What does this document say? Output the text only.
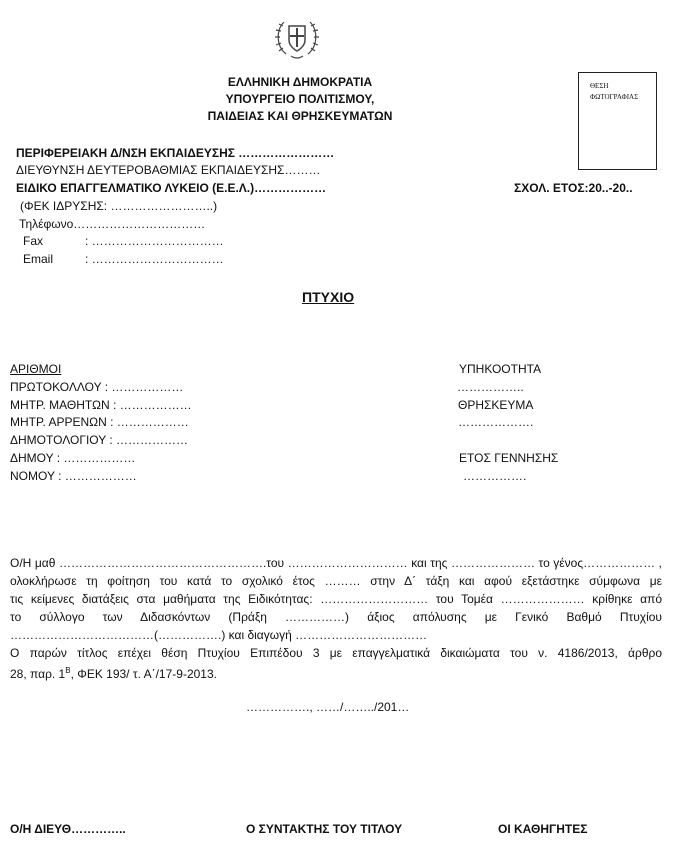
ΕΛΛΗΝΙΚΗ ΔΗΜΟΚΡΑΤΙΑ
ΥΠΟΥΡΓΕΙΟ ΠΟΛΙΤΙΣΜΟΥ,
ΠΑΙΔΕΙΑΣ ΚΑΙ ΘΡΗΣΚΕΥΜΑΤΩΝ
ΘΕΣΗ ΦΩΤΟΓΡΑΦΙΑΣ
ΠΕΡΙΦΕΡΕΙΑΚΗ Δ/ΝΣΗ ΕΚΠΑΙΔΕΥΣΗΣ ……………………
ΔΙΕΥΘΥΝΣΗ ΔΕΥΤΕΡΟΒΑΘΜΙΑΣ ΕΚΠΑΙΔΕΥΣΗΣ………
ΕΙΔΙΚΟ ΕΠΑΓΓΕΛΜΑΤΙΚΟ ΛΥΚΕΙΟ (Ε.Ε.Λ.)………………	ΣΧΟΛ. ΕΤΟΣ:20..-20..
(ΦΕΚ ΙΔΡΥΣΗΣ: ……………………..)
Τηλέφωνο……………………………
Fax	: ……………………………
Email	: ……………………………
ΠΤΥΧΙΟ
ΑΡΙΘΜΟΙ
ΠΡΩΤΟΚΟΛΛΟΥ : ………………
ΜΗΤΡ. ΜΑΘΗΤΩΝ : ………………
ΜΗΤΡ. ΑΡΡΕΝΩΝ : ………………
ΔΗΜΟΤΟΛΟΓΙΟΥ : ………………
ΔΗΜΟΥ : ………………
ΝΟΜΟΥ : ………………
ΥΠΗΚΟΟΤΗΤΑ
……………..
ΘΡΗΣΚΕΥΜΑ
……………….
ΕΤΟΣ ΓΕΝΝΗΣΗΣ
…………….
Ο/Η μαθ …………………………………………….του ………………………… και της ………………… το γένος……………… ,
ολοκλήρωσε τη φοίτηση του κατά το σχολικό έτος ……… στην Δ΄ τάξη και αφού εξετάστηκε σύμφωνα με
τις κείμενες διατάξεις στα μαθήματα της Ειδικότητας: ……………………… του Τομέα ………………… κρίθηκε από
το σύλλογο των Διδασκόντων (Πράξη ……………) άξιος απόλυσης με Γενικό Βαθμό Πτυχίου
………………………………(…………….) και διαγωγή ……………………………
Ο παρών τίτλος επέχει θέση Πτυχίου Επιπέδου 3 με επαγγελματικά δικαιώματα του ν. 4186/2013, άρθρο
28, παρ. $1^B$, ΦΕΚ 193/ τ. Α΄/17-9-2013.
……………., ……/……../201…
Ο/Η ΔΙΕΥΘ…………..	Ο ΣΥΝΤΑΚΤΗΣ ΤΟΥ ΤΙΤΛΟΥ	ΟΙ ΚΑΘΗΓΗΤΕΣ
